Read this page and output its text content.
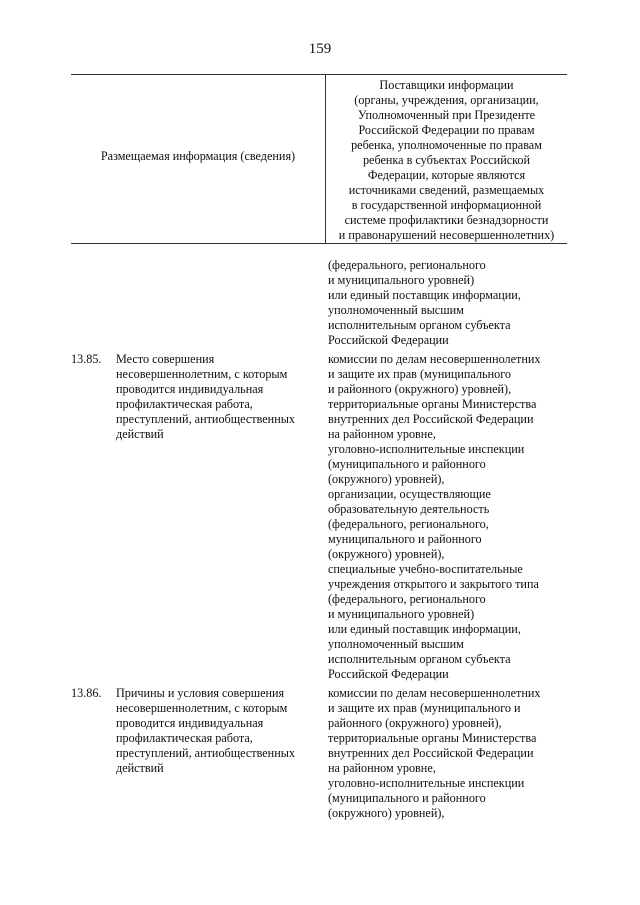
159
Размещаемая информация (сведения)
Поставщики информации
(органы, учреждения, организации,
Уполномоченный при Президенте
Российской Федерации по правам
ребенка, уполномоченные по правам
ребенка в субъектах Российской
Федерации, которые являются
источниками сведений, размещаемых
в государственной информационной
системе профилактики безнадзорности
и правонарушений несовершеннолетних)
(федерального, регионального
и муниципального уровней)
или единый поставщик информации,
уполномоченный высшим
исполнительным органом субъекта
Российской Федерации
13.85. Место совершения
несовершеннолетним, с которым
проводится индивидуальная
профилактическая работа,
преступлений, антиобщественных
действий
комиссии по делам несовершеннолетних
и защите их прав (муниципального
и районного (окружного) уровней),
территориальные органы Министерства
внутренних дел Российской Федерации
на районном уровне,
уголовно-исполнительные инспекции
(муниципального и районного
(окружного) уровней),
организации, осуществляющие
образовательную деятельность
(федерального, регионального,
муниципального и районного
(окружного) уровней),
специальные учебно-воспитательные
учреждения открытого и закрытого типа
(федерального, регионального
и муниципального уровней)
или единый поставщик информации,
уполномоченный высшим
исполнительным органом субъекта
Российской Федерации
13.86. Причины и условия совершения
несовершеннолетним, с которым
проводится индивидуальная
профилактическая работа,
преступлений, антиобщественных
действий
комиссии по делам несовершеннолетних
и защите их прав (муниципального и
районного (окружного) уровней),
территориальные органы Министерства
внутренних дел Российской Федерации
на районном уровне,
уголовно-исполнительные инспекции
(муниципального и районного
(окружного) уровней),
